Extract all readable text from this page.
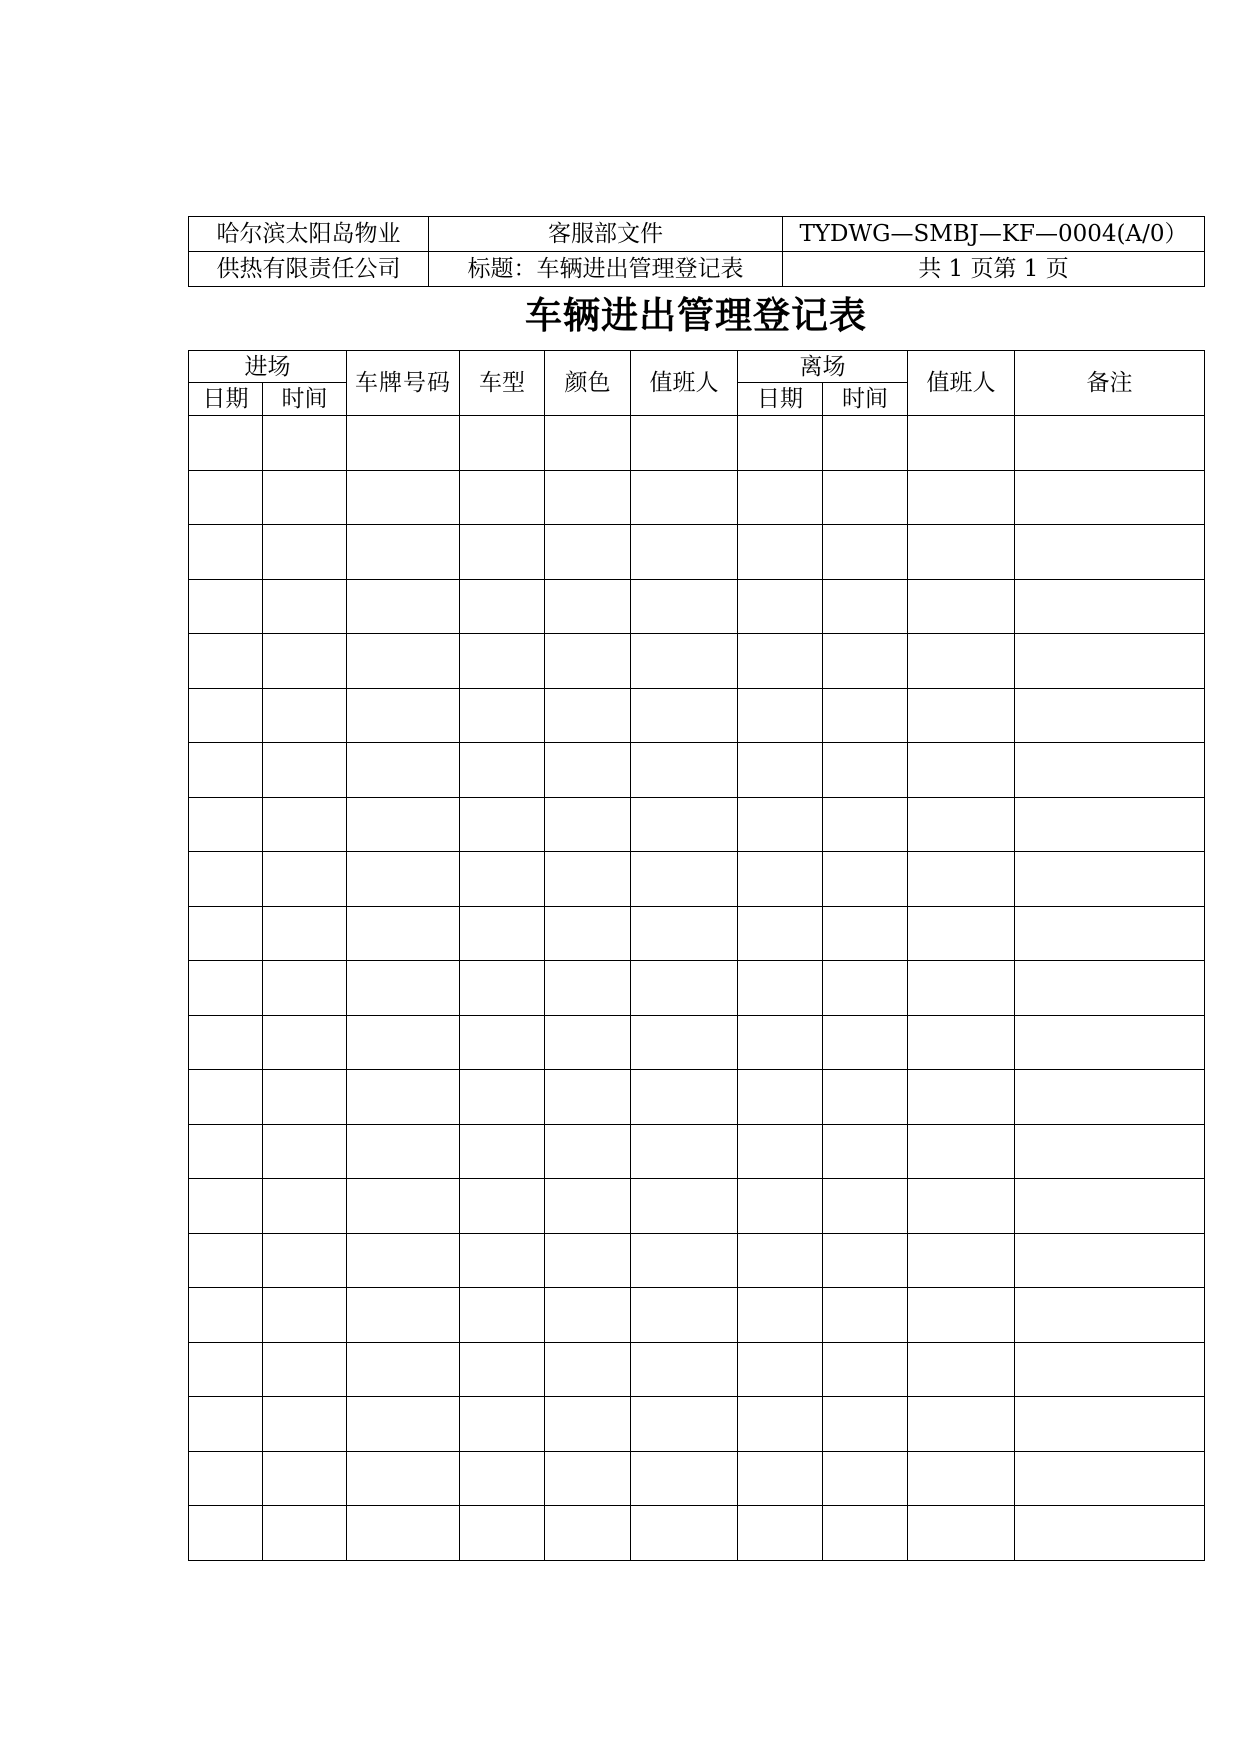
哈尔滨太阳岛物业	客服部文件	TYDWG—SMBJ—KF—0004(A/0）
供热有限责任公司	标题：车辆进出管理登记表	共 1 页第 1 页
车辆进出管理登记表
进场		车牌号码	车型	颜色	值班人	离场		值班人	备注
日期	时间					日期	时间		
